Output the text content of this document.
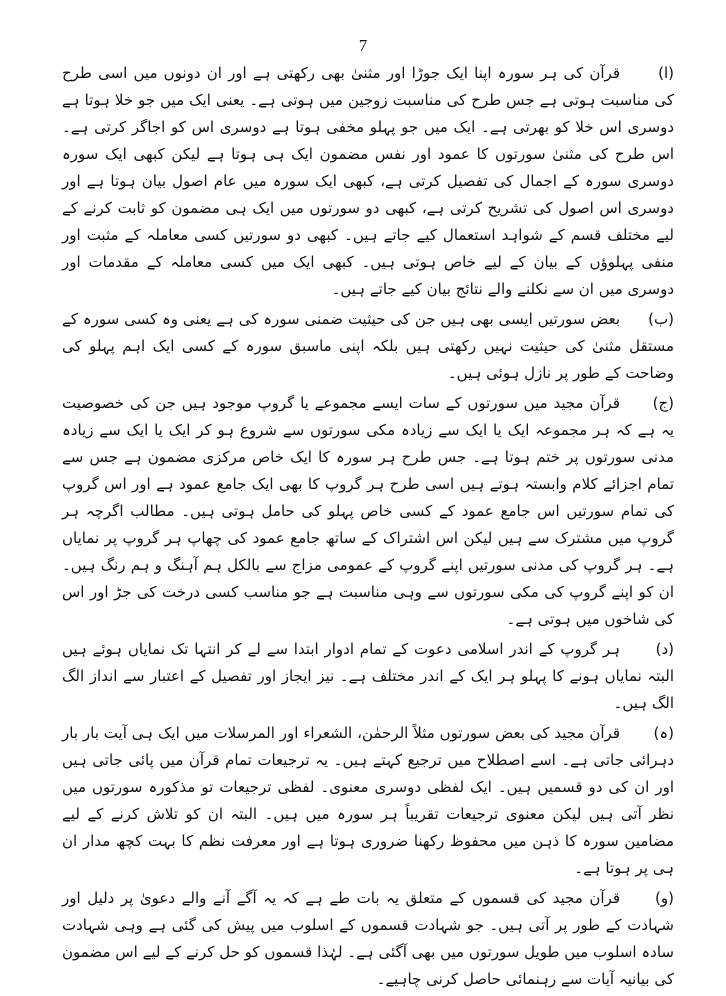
7

(ا)قرآن کی ہر سورہ اپنا ایک جوڑا اور مثنیٰ بھی رکھتی ہے اور ان دونوں میں اسی طرح کی مناسبت ہوتی ہے جس طرح کی مناسبت زوجین میں ہوتی ہے۔ یعنی ایک میں جو خلا ہوتا ہے دوسری اس خلا کو بھرتی ہے۔ ایک میں جو پہلو مخفی ہوتا ہے دوسری اس کو اجاگر کرتی ہے۔ اس طرح کی مثنیٰ سورتوں کا عمود اور نفس مضمون ایک ہی ہوتا ہے لیکن کبھی ایک سورہ دوسری سورہ کے اجمال کی تفصیل کرتی ہے، کبھی ایک سورہ میں عام اصول بیان ہوتا ہے اور دوسری اس اصول کی تشریح کرتی ہے، کبھی دو سورتوں میں ایک ہی مضمون کو ثابت کرنے کے لیے مختلف قسم کے شواہد استعمال کیے جاتے ہیں۔ کبھی دو سورتیں کسی معاملہ کے مثبت اور منفی پہلوؤں کے بیان کے لیے خاص ہوتی ہیں۔ کبھی ایک میں کسی معاملہ کے مقدمات اور دوسری میں ان سے نکلنے والے نتائج بیان کیے جاتے ہیں۔

(ب)بعض سورتیں ایسی بھی ہیں جن کی حیثیت ضمنی سورہ کی ہے یعنی وہ کسی سورہ کے مستقل مثنیٰ کی حیثیت نہیں رکھتی ہیں بلکہ اپنی ماسبق سورہ کے کسی ایک اہم پہلو کی وضاحت کے طور پر نازل ہوئی ہیں۔

(ج)قرآن مجید میں سورتوں کے سات ایسے مجموعے یا گروپ موجود ہیں جن کی خصوصیت یہ ہے کہ ہر مجموعہ ایک یا ایک سے زیادہ مکی سورتوں سے شروع ہو کر ایک یا ایک سے زیادہ مدنی سورتوں پر ختم ہوتا ہے۔ جس طرح ہر سورہ کا ایک خاص مرکزی مضمون ہے جس سے تمام اجزائے کلام وابستہ ہوتے ہیں اسی طرح ہر گروپ کا بھی ایک جامع عمود ہے اور اس گروپ کی تمام سورتیں اس جامع عمود کے کسی خاص پہلو کی حامل ہوتی ہیں۔ مطالب اگرچہ ہر گروپ میں مشترک سے ہیں لیکن اس اشتراک کے ساتھ جامع عمود کی چھاپ ہر گروپ پر نمایاں ہے۔ ہر گروپ کی مدنی سورتیں اپنے گروپ کے عمومی مزاج سے بالکل ہم آہنگ و ہم رنگ ہیں۔ ان کو اپنے گروپ کی مکی سورتوں سے وہی مناسبت ہے جو مناسب کسی درخت کی جڑ اور اس کی شاخوں میں ہوتی ہے۔

(د)ہر گروپ کے اندر اسلامی دعوت کے تمام ادوار ابتدا سے لے کر انتہا تک نمایاں ہوئے ہیں البتہ نمایاں ہونے کا پہلو ہر ایک کے اندر مختلف ہے۔ نیز ایجاز اور تفصیل کے اعتبار سے انداز الگ الگ ہیں۔

(ہ)قرآن مجید کی بعض سورتوں مثلاً الرحمٰن، الشعراء اور المرسلات میں ایک ہی آیت بار بار دہرائی جاتی ہے۔ اسے اصطلاح میں ترجیع کہتے ہیں۔ یہ ترجیعات تمام قرآن میں پائی جاتی ہیں اور ان کی دو قسمیں ہیں۔ ایک لفظی دوسری معنوی۔ لفظی ترجیعات تو مذکورہ سورتوں میں نظر آتی ہیں لیکن معنوی ترجیعات تقریباً ہر سورہ میں ہیں۔ البتہ ان کو تلاش کرنے کے لیے مضامین سورہ کا ذہن میں محفوظ رکھنا ضروری ہوتا ہے اور معرفت نظم کا بہت کچھ مدار ان ہی پر ہوتا ہے۔

(و)قرآن مجید کی قسموں کے متعلق یہ بات طے ہے کہ یہ آگے آنے والے دعویٰ پر دلیل اور شہادت کے طور پر آتی ہیں۔ جو شہادت قسموں کے اسلوب میں پیش کی گئی ہے وہی شہادت سادہ اسلوب میں طویل سورتوں میں بھی آگئی ہے۔ لہٰذا قسموں کو حل کرنے کے لیے اس مضمون کی بیانیہ آیات سے رہنمائی حاصل کرنی چاہیے۔
